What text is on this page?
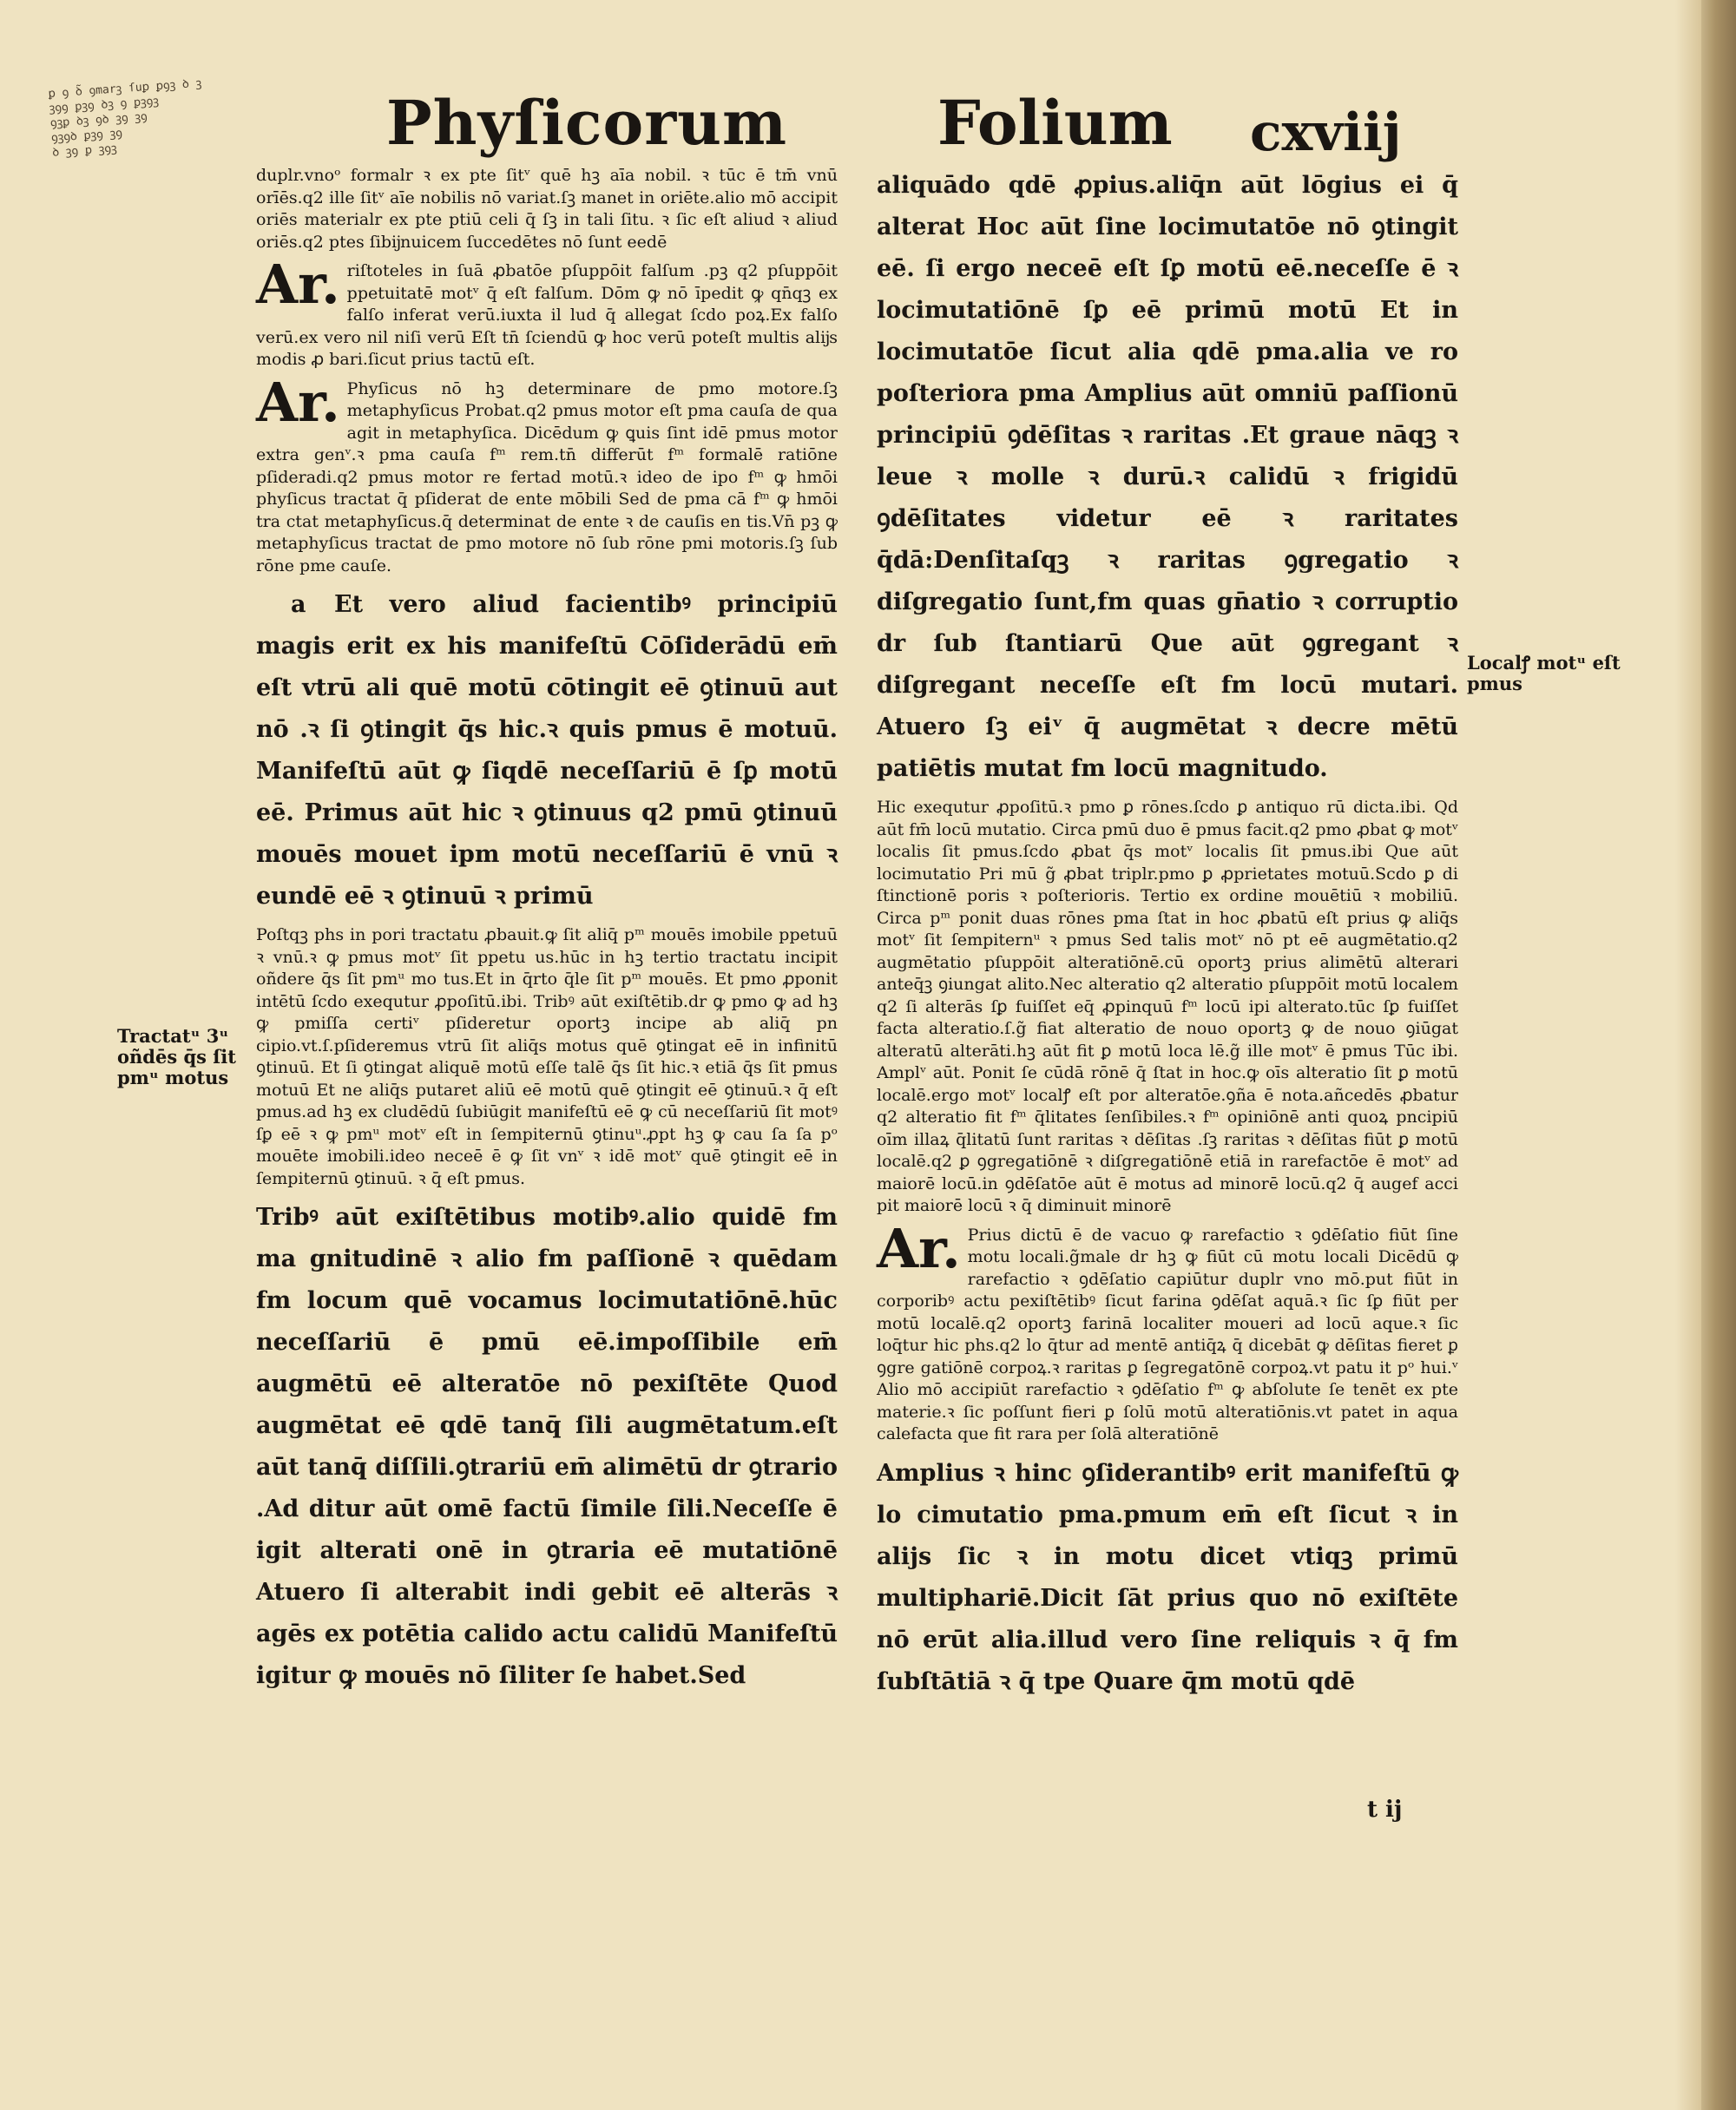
ꝑ ꝯ ꝺ̃ ꝯmarꝫ ſuꝑ ꝑꝯꝫ ꝺ ꝫ
ꝫꝯꝯ ꝑꝫꝯ ꝺꝫ ꝯ ꝑꝫꝯꝫ
ꝯꝫꝑ ꝺꝫ ꝯꝺ ꝫꝯ ꝫꝯ
ꝯꝫꝯꝺ ꝑꝫꝯ ꝫꝯ
ꝺ ꝫꝯ ꝑ ꝫꝯꝫ	Phyſicorum Folium cxviij

duplr.vnoᵒ formalr ꝛ ex pte ſitᵛ quē hꝫ aīa nobil. ꝛ tūc ē tm̄ vnū orīēs.q2 ille ſitᵛ aīe nobilis nō variat.ſꝫ manet in oriēte.alio mō accipit oriēs materialr ex pte ptiū celi q̄ ſꝫ in tali ſitu. ꝛ ſic eſt aliud ꝛ aliud oriēs.q2 ptes ſibĳnuicem ſuccedētes nō ſunt eedē

Ar. riſtoteles in ſuā ꝓbatōe pſuppōit falſum .pꝫ q2 pſuppōit ppetuitatē motᵛ q̄ eſt falſum. Dōm ꝙ nō īpedit ꝙ qn̄qꝫ ex falſo inferat verū.iuxta il lud q̄ allegat ſcdo poꝝ.Ex falſo verū.ex vero nil niſi verū Eſt tn̄ ſciendū ꝙ hoc verū poteſt multis alĳs modis ꝓ bari.ſicut prius tactū eſt.

Ar. Phyſicus nō hꝫ determinare de pmo motore.ſꝫ metaphyſicus Probat.q2 pmus motor eſt pma cauſa de qua agit in metaphyſica. Dicēdum ꝙ ꝗuis ſint idē pmus motor extra genᵛ.ꝛ pma cauſa fᵐ rem.tn̄ differūt fᵐ formalē ratiōne pſideradi.q2 pmus motor re fertad motū.ꝛ ideo de ipo fᵐ ꝙ hmōi phyſicus tractat q̄ pſiderat de ente mōbili Sed de pma cā fᵐ ꝙ hmōi tra ctat metaphyſicus.q̄ determinat de ente ꝛ de cauſis en tis.Vn̄ pꝫ ꝙ metaphyſicus tractat de pmo motore nō ſub rōne pmi motoris.ſꝫ ſub rōne pme cauſe.

a Et vero aliud facientibꝰ principiū magis erit ex his manifeſtū Cōſiderādū em̄ eſt vtrū ali quē motū cōtingit eē ꝯtinuū aut nō .ꝛ ſi ꝯtingit q̄s hic.ꝛ quis pmus ē motuū. Manifeſtū aūt ꝙ ſiqdē neceſſariū ē ſꝑ motū eē. Primus aūt hic ꝛ ꝯtinuus q2 pmū ꝯtinuū mouēs mouet ipm motū neceſſariū ē vnū ꝛ eundē eē ꝛ ꝯtinuū ꝛ primū

Poſtqꝫ phs in pori tractatu ꝓbauit.ꝙ ſit aliq̄ pᵐ mouēs imobile ppetuū ꝛ vnū.ꝛ ꝙ pmus motᵛ ſit ppetu us.hūc in hꝫ tertio tractatu incipit oñdere q̄s ſit pmᵘ mo tus.Et in q̄rto q̄le ſit pᵐ mouēs. Et pmo ꝓponit intētū ſcdo exequtur ꝓpoſitū.ibi. Tribꝰ aūt exiſtētib.dr ꝙ pmo ꝙ ad hꝫ ꝙ pmiſſa certiᵛ pſideretur oportꝫ incipe ab aliq̄ pn cipio.vt.ſ.pſideremus vtrū ſit aliq̄s motus quē ꝯtingat eē in infinitū ꝯtinuū. Et ſi ꝯtingat aliquē motū eſſe talē q̄s ſit hic.ꝛ etiā q̄s ſit pmus motuū Et ne aliq̄s putaret aliū eē motū quē ꝯtingit eē ꝯtinuū.ꝛ q̄ eſt pmus.ad hꝫ ex cludēdū ſubiūgit manifeſtū eē ꝙ cū neceſſariū ſit motꝰ ſꝑ eē ꝛ ꝙ pmᵘ motᵛ eſt in ſempiternū ꝯtinuᵘ.ꝓpt hꝫ ꝙ cau ſa ſa pᵒ mouēte imobili.ideo neceē ē ꝙ ſit vnᵛ ꝛ idē motᵛ quē ꝯtingit eē in ſempiternū ꝯtinuū. ꝛ q̄ eſt pmus.

Tribꝰ aūt exiſtētibus motibꝰ.alio quidē fm ma gnitudinē ꝛ alio fm paſſionē ꝛ quēdam fm locum quē vocamus locimutatiōnē.hūc neceſſariū ē pmū eē.impoſſibile em̄ augmētū eē alteratōe nō pexiſtēte Quod augmētat eē qdē tanq̄ ſili augmētatum.eſt aūt tanq̄ diſſili.ꝯtrariū em̄ alimētū dr ꝯtrario .Ad ditur aūt omē factū ſimile ſili.Neceſſe ē igit alterati onē in ꝯtraria eē mutatiōnē Atuero ſi alterabit indi gebit eē alterās ꝛ agēs ex potētia calido actu calidū Manifeſtū igitur ꝙ mouēs nō ſiliter ſe habet.Sed

aliquādo qdē ꝓpius.aliq̄n aūt lōgius ei q̄ alterat Hoc aūt ſine locimutatōe nō ꝯtingit eē. ſi ergo neceē eſt ſꝑ motū eē.neceſſe ē ꝛ locimutatiōnē ſꝑ eē primū motū Et in locimutatōe ſicut alia qdē pma.alia ve ro poſteriora pma Amplius aūt omniū paſſionū principiū ꝯdēſitas ꝛ raritas .Et graue nāqꝫ ꝛ leue ꝛ molle ꝛ durū.ꝛ calidū ꝛ frigidū ꝯdēſitates videtur eē ꝛ raritates q̄dā:Denſitaſqꝫ ꝛ raritas ꝯgregatio ꝛ diſgregatio ſunt,fm quas gn̄atio ꝛ corruptio dr ſub ſtantiarū Que aūt ꝯgregant ꝛ diſgregant neceſſe eſt fm locū mutari. Atuero ſꝫ eiᵛ q̄ augmētat ꝛ decre mētū patiētis mutat fm locū magnitudo.

Hic exequtur ꝓpoſitū.ꝛ pmo ꝑ rōnes.ſcdo ꝑ antiquo rū dicta.ibi. Qd aūt fm̄ locū mutatio. Circa pmū duo ē pmus facit.q2 pmo ꝓbat ꝙ motᵛ localis ſit pmus.ſcdo ꝓbat q̄s motᵛ localis ſit pmus.ibi Que aūt locimutatio Pri mū g̃ ꝓbat triplr.pmo ꝑ ꝓprietates motuū.Scdo ꝑ di ſtinctionē poris ꝛ poſterioris. Tertio ex ordine mouētiū ꝛ mobiliū. Circa pᵐ ponit duas rōnes pma ſtat in hoc ꝓbatū eſt prius ꝙ aliq̄s motᵛ ſit ſempiternᵘ ꝛ pmus Sed talis motᵛ nō pt eē augmētatio.q2 augmētatio pſuppōit alteratiōnē.cū oportꝫ prius alimētū alterari anteq̄ꝫ ꝯiungat alito.Nec alteratio q2 alteratio pſuppōit motū localem q2 ſi alterās ſꝑ fuiſſet eq̄ ꝓpinquū fᵐ locū ipi alterato.tūc ſꝑ fuiſſet facta alteratio.ſ.g̃ fiat alteratio de nouo oportꝫ ꝙ de nouo ꝯiūgat alteratū alterāti.hꝫ aūt fit ꝑ motū loca lē.g̃ ille motᵛ ē pmus Tūc ibi. Amplᵛ aūt. Ponit ſe cūdā rōnē q̄ ſtat in hoc.ꝙ oīs alteratio ſit ꝑ motū localē.ergo motᵛ localꝭ eſt por alteratōe.ꝯña ē nota.añcedēs ꝓbatur q2 alteratio fit fᵐ q̄litates ſenſibiles.ꝛ fᵐ opiniōnē anti quoꝝ pncipiū oīm illaꝝ q̄litatū ſunt raritas ꝛ dēſitas .ſꝫ raritas ꝛ dēſitas fiūt ꝑ motū localē.q2 ꝑ ꝯgregatiōnē ꝛ diſgregatiōnē etiā in rarefactōe ē motᵛ ad maiorē locū.in ꝯdēſatōe aūt ē motus ad minorē locū.q2 q̄ augef acci pit maiorē locū ꝛ q̄ diminuit minorē

Ar. Prius dictū ē de vacuo ꝙ rarefactio ꝛ ꝯdēſatio fiūt ſine motu locali.g̃male dr hꝫ ꝙ fiūt cū motu locali Dicēdū ꝙ rarefactio ꝛ ꝯdēſatio capiūtur duplr vno mō.put fiūt in corporibꝰ actu pexiſtētibꝰ ſicut farina ꝯdēſat aquā.ꝛ ſic ſꝑ fiūt per motū localē.q2 oportꝫ farinā localiter moueri ad locū aque.ꝛ ſic loq̄tur hic phs.q2 lo q̄tur ad mentē antiq̄ꝝ q̄ dicebāt ꝙ dēſitas fieret ꝑ ꝯgre gatiōnē corpoꝝ.ꝛ raritas ꝑ ſegregatōnē corpoꝝ.vt patu it pᵒ hui.ᵛ Alio mō accipiūt rarefactio ꝛ ꝯdēſatio fᵐ ꝙ abſolute ſe tenēt ex pte materie.ꝛ ſic poſſunt fieri ꝑ ſolū motū alteratiōnis.vt patet in aqua calefacta que fit rara per ſolā alteratiōnē

Amplius ꝛ hinc ꝯſiderantibꝰ erit manifeſtū ꝙ lo cimutatio pma.pmum em̄ eſt ſicut ꝛ in alĳs ſic ꝛ in motu dicet vtiqꝫ primū multiphariē.Dicit ſāt prius quo nō exiſtēte nō erūt alia.illud vero ſine reliquis ꝛ q̄ fm ſubſtātiā ꝛ q̄ tpe Quare q̄m motū qdē

Tractatᵘ 3ᵘ oñdēs q̄s ſit pmᵘ motus
Localꝭ motᵘ eſt pmus
t ij
